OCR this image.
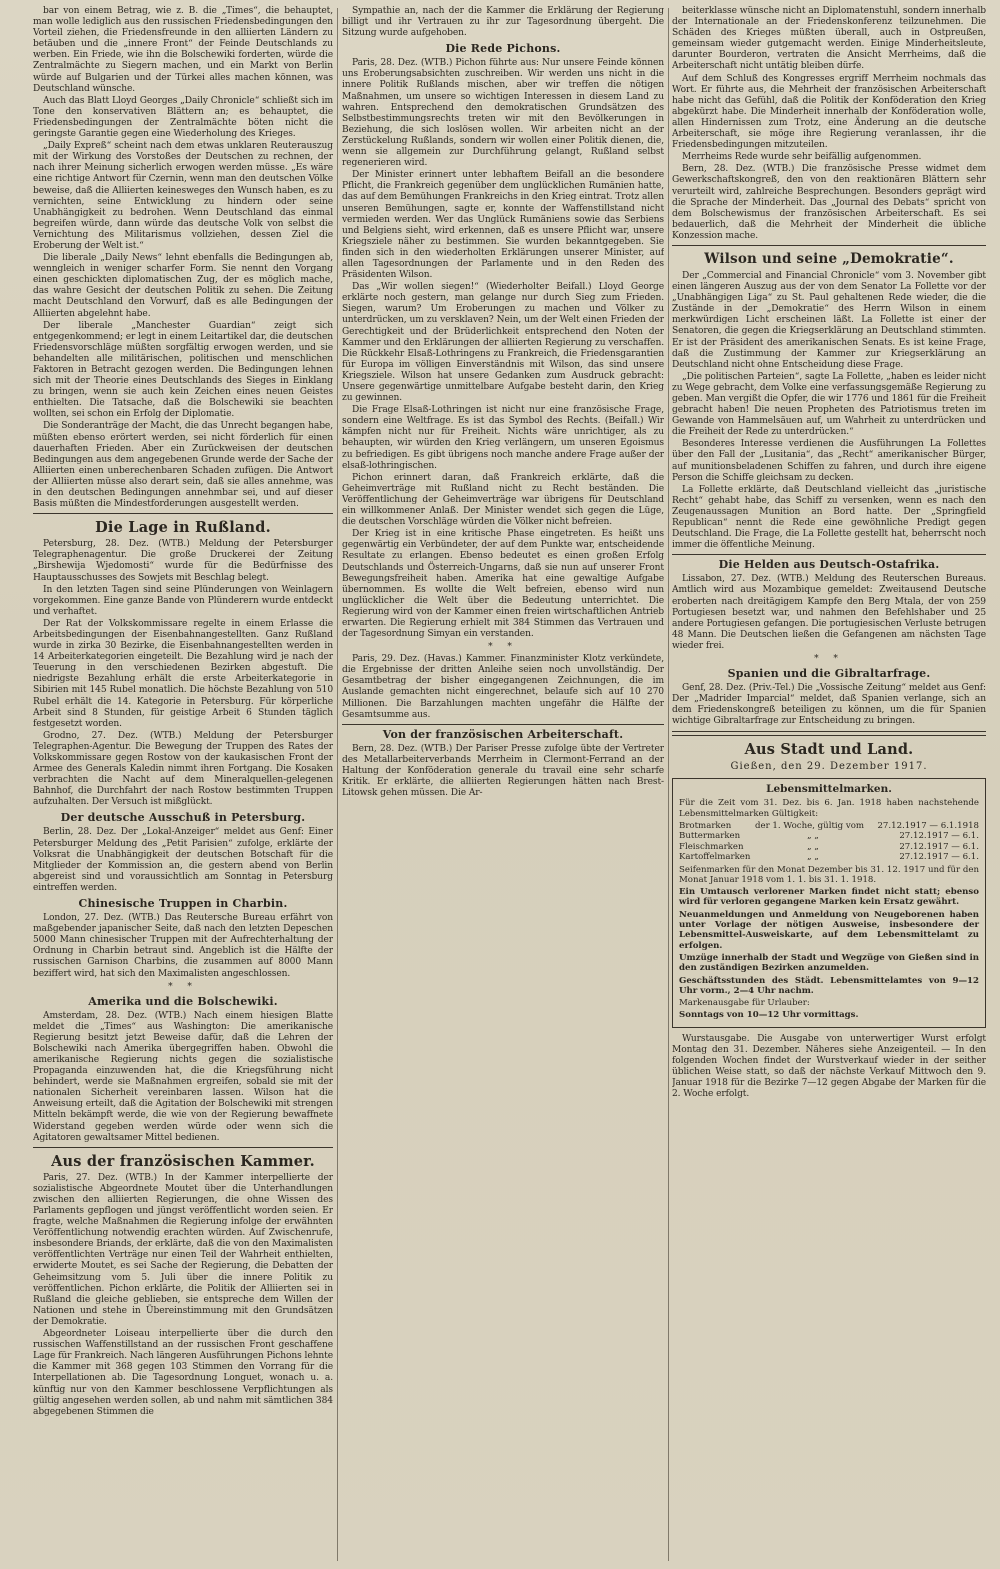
bar von einem Betrag, wie z. B. die „Times“, die behauptet, man wolle lediglich aus den russischen Friedensbedingungen den Vorteil ziehen, die Friedensfreunde in den alliierten Ländern zu betäuben und die „innere Front“ der Feinde Deutschlands zu werben. Ein Friede, wie ihn die Bolschewiki forderten, würde die Zentralmächte zu Siegern machen, und ein Markt von Berlin würde auf Bulgarien und der Türkei alles machen können, was Deutschland wünsche.

Auch das Blatt Lloyd Georges „Daily Chronicle“ schließt sich im Tone den konservativen Blättern an; es behauptet, die Friedensbedingungen der Zentralmächte böten nicht die geringste Garantie gegen eine Wiederholung des Krieges.

„Daily Expreß“ scheint nach dem etwas unklaren Reuterauszug mit der Wirkung des Vorstoßes der Deutschen zu rechnen, der nach ihrer Meinung sicherlich erwogen werden müsse. „Es wäre eine richtige Antwort für Czernin, wenn man den deutschen Völke beweise, daß die Alliierten keinesweges den Wunsch haben, es zu vernichten, seine Entwicklung zu hindern oder seine Unabhängigkeit zu bedrohen. Wenn Deutschland das einmal begreifen würde, dann würde das deutsche Volk von selbst die Vernichtung des Militarismus vollziehen, dessen Ziel die Eroberung der Welt ist.“

Die liberale „Daily News“ lehnt ebenfalls die Bedingungen ab, wenngleich in weniger scharfer Form. Sie nennt den Vorgang einen geschickten diplomatischen Zug, der es möglich mache, das wahre Gesicht der deutschen Politik zu sehen. Die Zeitung macht Deutschland den Vorwurf, daß es alle Bedingungen der Alliierten abgelehnt habe.

Der liberale „Manchester Guardian“ zeigt sich entgegenkommend; er legt in einem Leitartikel dar, die deutschen Friedensvorschläge müßten sorgfältig erwogen werden, und sie behandelten alle militärischen, politischen und menschlichen Faktoren in Betracht gezogen werden. Die Bedingungen lehnen sich mit der Theorie eines Deutschlands des Sieges in Einklang zu bringen, wenn sie auch kein Zeichen eines neuen Geistes enthielten. Die Tatsache, daß die Bolschewiki sie beachten wollten, sei schon ein Erfolg der Diplomatie.

Die Sonderanträge der Macht, die das Unrecht begangen habe, müßten ebenso erörtert werden, sei nicht förderlich für einen dauerhaften Frieden. Aber ein Zurückweisen der deutschen Bedingungen aus dem angegebenen Grunde werde der Sache der Alliierten einen unberechenbaren Schaden zufügen. Die Antwort der Alliierten müsse also derart sein, daß sie alles annehme, was in den deutschen Bedingungen annehmbar sei, und auf dieser Basis müßten die Mindestforderungen ausgestellt werden.

Die Lage in Rußland.

Petersburg, 28. Dez. (WTB.) Meldung der Petersburger Telegraphenagentur. Die große Druckerei der Zeitung „Birshewija Wjedomosti“ wurde für die Bedürfnisse des Hauptausschusses des Sowjets mit Beschlag belegt.

In den letzten Tagen sind seine Plünderungen von Weinlagern vorgekommen. Eine ganze Bande von Plünderern wurde entdeckt und verhaftet.

Der Rat der Volkskommissare regelte in einem Erlasse die Arbeitsbedingungen der Eisenbahnangestellten. Ganz Rußland wurde in zirka 30 Bezirke, die Eisenbahnangestellten werden in 14 Arbeiterkategorien eingeteilt. Die Bezahlung wird je nach der Teuerung in den verschiedenen Bezirken abgestuft. Die niedrigste Bezahlung erhält die erste Arbeiterkategorie in Sibirien mit 145 Rubel monatlich. Die höchste Bezahlung von 510 Rubel erhält die 14. Kategorie in Petersburg. Für körperliche Arbeit sind 8 Stunden, für geistige Arbeit 6 Stunden täglich festgesetzt worden.

Grodno, 27. Dez. (WTB.) Meldung der Petersburger Telegraphen-Agentur. Die Bewegung der Truppen des Rates der Volkskommissare gegen Rostow von der kaukasischen Front der Armee des Generals Kaledin nimmt ihren Fortgang. Die Kosaken verbrachten die Nacht auf dem Mineralquellen-gelegenen Bahnhof, die Durchfahrt der nach Rostow bestimmten Truppen aufzuhalten. Der Versuch ist mißglückt.

Der deutsche Ausschuß in Petersburg.

Berlin, 28. Dez. Der „Lokal-Anzeiger“ meldet aus Genf: Einer Petersburger Meldung des „Petit Parisien“ zufolge, erklärte der Volksrat die Unabhängigkeit der deutschen Botschaft für die Mitglieder der Kommission an, die gestern abend von Berlin abgereist sind und voraussichtlich am Sonntag in Petersburg eintreffen werden.

Chinesische Truppen in Charbin.

London, 27. Dez. (WTB.) Das Reutersche Bureau erfährt von maßgebender japanischer Seite, daß nach den letzten Depeschen 5000 Mann chinesischer Truppen mit der Aufrechterhaltung der Ordnung in Charbin betraut sind. Angeblich ist die Hälfte der russischen Garnison Charbins, die zusammen auf 8000 Mann beziffert wird, hat sich den Maximalisten angeschlossen.

* *
Amerika und die Bolschewiki.

Amsterdam, 28. Dez. (WTB.) Nach einem hiesigen Blatte meldet die „Times“ aus Washington: Die amerikanische Regierung besitzt jetzt Beweise dafür, daß die Lehren der Bolschewiki nach Amerika übergegriffen haben. Obwohl die amerikanische Regierung nichts gegen die sozialistische Propaganda einzuwenden hat, die die Kriegsführung nicht behindert, werde sie Maßnahmen ergreifen, sobald sie mit der nationalen Sicherheit vereinbaren lassen. Wilson hat die Anweisung erteilt, daß die Agitation der Bolschewiki mit strengen Mitteln bekämpft werde, die wie von der Regierung bewaffnete Widerstand gegeben werden würde oder wenn sich die Agitatoren gewaltsamer Mittel bedienen.

Aus der französischen Kammer.

Paris, 27. Dez. (WTB.) In der Kammer interpellierte der sozialistische Abgeordnete Moutet über die Unterhandlungen zwischen den alliierten Regierungen, die ohne Wissen des Parlaments gepflogen und jüngst veröffentlicht worden seien. Er fragte, welche Maßnahmen die Regierung infolge der erwähnten Veröffentlichung notwendig erachten würden. Auf Zwischenrufe, insbesondere Briands, der erklärte, daß die von den Maximalisten veröffentlichten Verträge nur einen Teil der Wahrheit enthielten, erwiderte Moutet, es sei Sache der Regierung, die Debatten der Geheimsitzung vom 5. Juli über die innere Politik zu veröffentlichen. Pichon erklärte, die Politik der Alliierten sei in Rußland die gleiche geblieben, sie entspreche dem Willen der Nationen und stehe in Übereinstimmung mit den Grundsätzen der Demokratie.

Abgeordneter Loiseau interpellierte über die durch den russischen Waffenstillstand an der russischen Front geschaffene Lage für Frankreich. Nach längeren Ausführungen Pichons lehnte die Kammer mit 368 gegen 103 Stimmen den Vorrang für die Interpellationen ab. Die Tagesordnung Longuet, wonach u. a. künftig nur von den Kammer beschlossene Verpflichtungen als gültig angesehen werden sollen, ab und nahm mit sämtlichen 384 abgegebenen Stimmen die

Sympathie an, nach der die Kammer die Erklärung der Regierung billigt und ihr Vertrauen zu ihr zur Tagesordnung übergeht. Die Sitzung wurde aufgehoben.

Die Rede Pichons.

Paris, 28. Dez. (WTB.) Pichon führte aus: Nur unsere Feinde können uns Eroberungsabsichten zuschreiben. Wir werden uns nicht in die innere Politik Rußlands mischen, aber wir treffen die nötigen Maßnahmen, um unsere so wichtigen Interessen in diesem Land zu wahren. Entsprechend den demokratischen Grundsätzen des Selbstbestimmungsrechts treten wir mit den Bevölkerungen in Beziehung, die sich loslösen wollen. Wir arbeiten nicht an der Zerstückelung Rußlands, sondern wir wollen einer Politik dienen, die, wenn sie allgemein zur Durchführung gelangt, Rußland selbst regenerieren wird.

Der Minister erinnert unter lebhaftem Beifall an die besondere Pflicht, die Frankreich gegenüber dem unglücklichen Rumänien hatte, das auf dem Bemühungen Frankreichs in den Krieg eintrat. Trotz allen unseren Bemühungen, sagte er, konnte der Waffenstillstand nicht vermieden werden. Wer das Unglück Rumäniens sowie das Serbiens und Belgiens sieht, wird erkennen, daß es unsere Pflicht war, unsere Kriegsziele näher zu bestimmen. Sie wurden bekanntgegeben. Sie finden sich in den wiederholten Erklärungen unserer Minister, auf allen Tagesordnungen der Parlamente und in den Reden des Präsidenten Wilson.

Das „Wir wollen siegen!“ (Wiederholter Beifall.) Lloyd George erklärte noch gestern, man gelange nur durch Sieg zum Frieden. Siegen, warum? Um Eroberungen zu machen und Völker zu unterdrücken, um zu versklaven? Nein, um der Welt einen Frieden der Gerechtigkeit und der Brüderlichkeit entsprechend den Noten der Kammer und den Erklärungen der alliierten Regierung zu verschaffen. Die Rückkehr Elsaß-Lothringens zu Frankreich, die Friedensgarantien für Europa im völligen Einverständnis mit Wilson, das sind unsere Kriegsziele. Wilson hat unsere Gedanken zum Ausdruck gebracht: Unsere gegenwärtige unmittelbare Aufgabe besteht darin, den Krieg zu gewinnen.

Die Frage Elsaß-Lothringen ist nicht nur eine französische Frage, sondern eine Weltfrage. Es ist das Symbol des Rechts. (Beifall.) Wir kämpfen nicht nur für Freiheit. Nichts wäre unrichtiger, als zu behaupten, wir würden den Krieg verlängern, um unseren Egoismus zu befriedigen. Es gibt übrigens noch manche andere Frage außer der elsaß-lothringischen.

Pichon erinnert daran, daß Frankreich erklärte, daß die Geheimverträge mit Rußland nicht zu Recht beständen. Die Veröffentlichung der Geheimverträge war übrigens für Deutschland ein willkommener Anlaß. Der Minister wendet sich gegen die Lüge, die deutschen Vorschläge würden die Völker nicht befreien.

Der Krieg ist in eine kritische Phase eingetreten. Es heißt uns gegenwärtig ein Verbündeter, der auf dem Punkte war, entscheidende Resultate zu erlangen. Ebenso bedeutet es einen großen Erfolg Deutschlands und Österreich-Ungarns, daß sie nun auf unserer Front Bewegungsfreiheit haben. Amerika hat eine gewaltige Aufgabe übernommen. Es wollte die Welt befreien, ebenso wird nun unglücklicher die Welt über die Bedeutung unterrichtet. Die Regierung wird von der Kammer einen freien wirtschaftlichen Antrieb erwarten. Die Regierung erhielt mit 384 Stimmen das Vertrauen und der Tagesordnung Simyan ein verstanden.

* *

Paris, 29. Dez. (Havas.) Kammer. Finanzminister Klotz verkündete, die Ergebnisse der dritten Anleihe seien noch unvollständig. Der Gesamtbetrag der bisher eingegangenen Zeichnungen, die im Auslande gemachten nicht eingerechnet, belaufe sich auf 10 270 Millionen. Die Barzahlungen machten ungefähr die Hälfte der Gesamtsumme aus.

Von der französischen Arbeiterschaft.

Bern, 28. Dez. (WTB.) Der Pariser Presse zufolge übte der Vertreter des Metallarbeiterverbands Merrheim in Clermont-Ferrand an der Haltung der Konföderation generale du travail eine sehr scharfe Kritik. Er erklärte, die alliierten Regierungen hätten nach Brest-Litowsk gehen müssen. Die Ar-

beiterklasse wünsche nicht an Diplomatenstuhl, sondern innerhalb der Internationale an der Friedenskonferenz teilzunehmen. Die Schäden des Krieges müßten überall, auch in Ostpreußen, gemeinsam wieder gutgemacht werden. Einige Minderheitsleute, darunter Bourderon, vertraten die Ansicht Merrheims, daß die Arbeiterschaft nicht untätig bleiben dürfe.

Auf dem Schluß des Kongresses ergriff Merrheim nochmals das Wort. Er führte aus, die Mehrheit der französischen Arbeiterschaft habe nicht das Gefühl, daß die Politik der Konföderation den Krieg abgekürzt habe. Die Minderheit innerhalb der Konföderation wolle, allen Hindernissen zum Trotz, eine Änderung an die deutsche Arbeiterschaft, sie möge ihre Regierung veranlassen, ihr die Friedensbedingungen mitzuteilen.

Merrheims Rede wurde sehr beifällig aufgenommen.

Bern, 28. Dez. (WTB.) Die französische Presse widmet dem Gewerkschaftskongreß, den von den reaktionären Blättern sehr verurteilt wird, zahlreiche Besprechungen. Besonders geprägt wird die Sprache der Minderheit. Das „Journal des Debats“ spricht von dem Bolschewismus der französischen Arbeiterschaft. Es sei bedauerlich, daß die Mehrheit der Minderheit die übliche Konzession mache.

Wilson und seine „Demokratie“.

Der „Commercial and Financial Chronicle“ vom 3. November gibt einen längeren Auszug aus der von dem Senator La Follette vor der „Unabhängigen Liga“ zu St. Paul gehaltenen Rede wieder, die die Zustände in der „Demokratie“ des Herrn Wilson in einem merkwürdigen Licht erscheinen läßt. La Follette ist einer der Senatoren, die gegen die Kriegserklärung an Deutschland stimmten. Er ist der Präsident des amerikanischen Senats. Es ist keine Frage, daß die Zustimmung der Kammer zur Kriegserklärung an Deutschland nicht ohne Entscheidung diese Frage.

„Die politischen Parteien“, sagte La Follette, „haben es leider nicht zu Wege gebracht, dem Volke eine verfassungsgemäße Regierung zu geben. Man vergißt die Opfer, die wir 1776 und 1861 für die Freiheit gebracht haben! Die neuen Propheten des Patriotismus treten im Gewande von Hammelsäuen auf, um Wahrheit zu unterdrücken und die Freiheit der Rede zu unterdrücken.“

Besonderes Interesse verdienen die Ausführungen La Follettes über den Fall der „Lusitania“, das „Recht“ amerikanischer Bürger, auf munitionsbeladenen Schiffen zu fahren, und durch ihre eigene Person die Schiffe gleichsam zu decken.

La Follette erklärte, daß Deutschland vielleicht das „juristische Recht“ gehabt habe, das Schiff zu versenken, wenn es nach den Zeugenaussagen Munition an Bord hatte. Der „Springfield Republican“ nennt die Rede eine gewöhnliche Predigt gegen Deutschland. Die Frage, die La Follette gestellt hat, beherrscht noch immer die öffentliche Meinung.

Die Helden aus Deutsch-Ostafrika.

Lissabon, 27. Dez. (WTB.) Meldung des Reuterschen Bureaus. Amtlich wird aus Mozambique gemeldet: Zweitausend Deutsche eroberten nach dreitägigem Kampfe den Berg Mtala, der von 259 Portugiesen besetzt war, und nahmen den Befehlshaber und 25 andere Portugiesen gefangen. Die portugiesischen Verluste betrugen 48 Mann. Die Deutschen ließen die Gefangenen am nächsten Tage wieder frei.

* *
Spanien und die Gibraltarfrage.

Genf, 28. Dez. (Priv.-Tel.) Die „Vossische Zeitung“ meldet aus Genf: Der „Madrider Imparcial“ meldet, daß Spanien verlange, sich an dem Friedenskongreß beteiligen zu können, um die für Spanien wichtige Gibraltarfrage zur Entscheidung zu bringen.

Aus Stadt und Land.
Gießen, den 29. Dezember 1917.
Lebensmittelmarken.

Für die Zeit vom 31. Dez. bis 6. Jan. 1918 haben nachstehende Lebensmittelmarken Gültigkeit:

Brotmarken	der 1. Woche, gültig vom	27.12.1917 — 6.1.1918
Buttermarken	„ „	27.12.1917 — 6.1.
Fleischmarken	„ „	27.12.1917 — 6.1.
Kartoffelmarken	„ „	27.12.1917 — 6.1.

Seifenmarken für den Monat Dezember bis 31. 12. 1917 und für den Monat Januar 1918 vom 1. 1. bis 31. 1. 1918.

Ein Umtausch verlorener Marken findet nicht statt; ebenso wird für verloren gegangene Marken kein Ersatz gewährt.

Neuanmeldungen und Anmeldung von Neugeborenen haben unter Vorlage der nötigen Ausweise, insbesondere der Lebensmittel-Ausweiskarte, auf dem Lebensmittelamt zu erfolgen.

Umzüge innerhalb der Stadt und Wegzüge von Gießen sind in den zuständigen Bezirken anzumelden.

Geschäftsstunden des Städt. Lebensmittelamtes von 9—12 Uhr vorm., 2—4 Uhr nachm.

Markenausgabe für Urlauber:

Sonntags von 10—12 Uhr vormittags.

Wurstausgabe. Die Ausgabe von unterwertiger Wurst erfolgt Montag den 31. Dezember. Näheres siehe Anzeigenteil. — In den folgenden Wochen findet der Wurstverkauf wieder in der seither üblichen Weise statt, so daß der nächste Verkauf Mittwoch den 9. Januar 1918 für die Bezirke 7—12 gegen Abgabe der Marken für die 2. Woche erfolgt.
